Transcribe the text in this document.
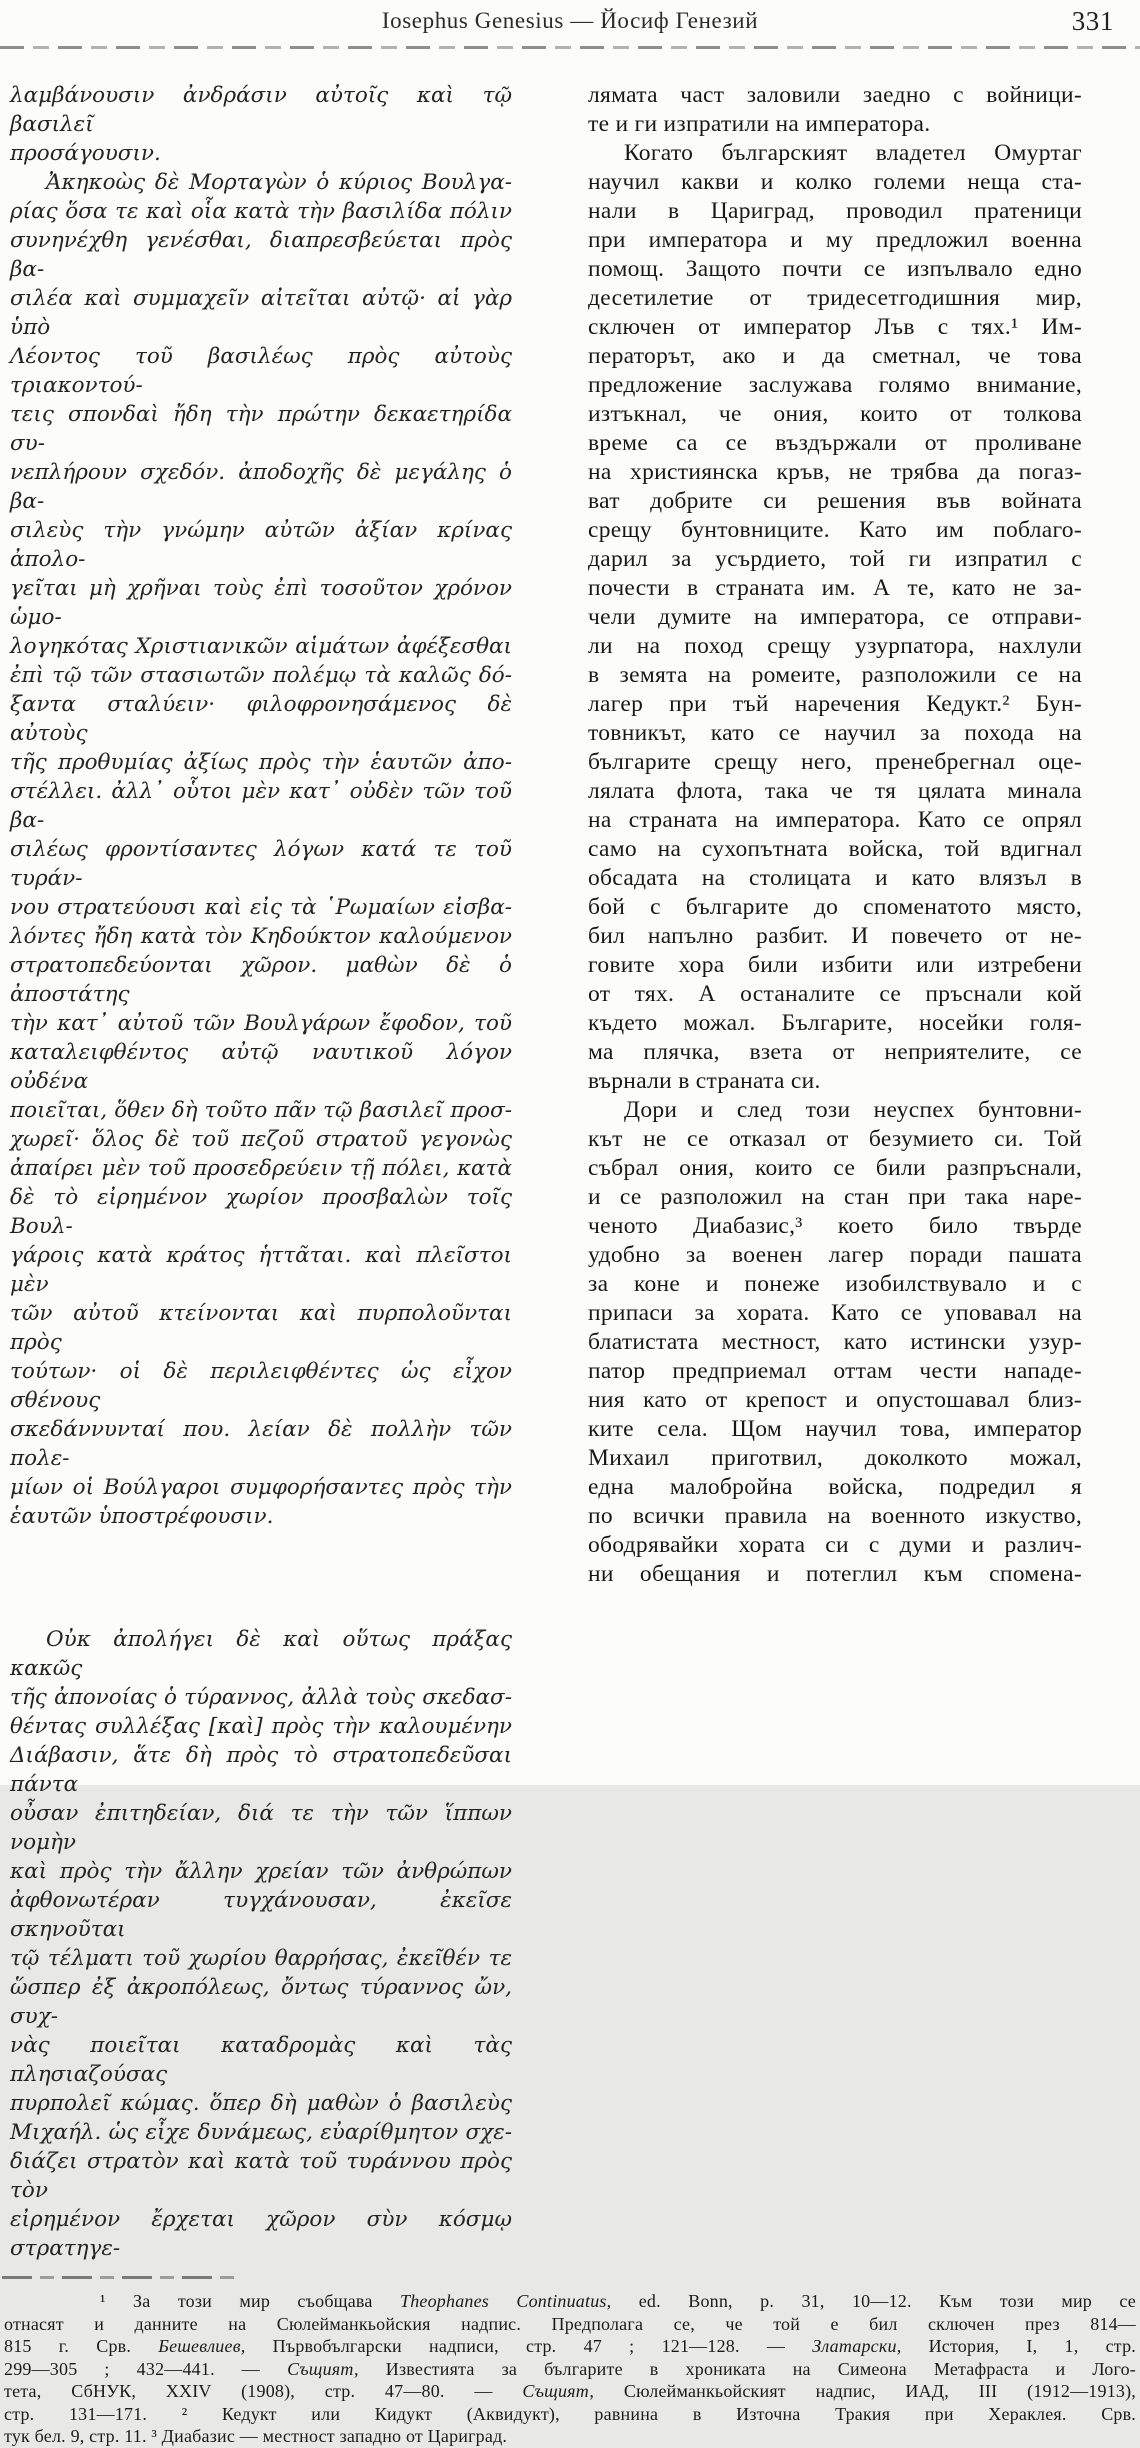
Iosephus Genesius — Йосиф Генезий	331
λαμβάνουσιν ἀνδράσιν αὐτοῖς καὶ τῷ βασιλεῖ
προσάγουσιν.
Ἀκηκοὼς δὲ Μορταγὼν ὁ κύριος Βουλγα-
ρίας ὅσα τε καὶ οἷα κατὰ τὴν βασιλίδα πόλιν
συνηνέχθη γενέσθαι, διαπρεσβεύεται πρὸς βα-
σιλέα καὶ συμμαχεῖν αἰτεῖται αὐτῷ· αἱ γὰρ ὑπὸ
Λέοντος τοῦ βασιλέως πρὸς αὐτοὺς τριακοντού-
τεις σπονδαὶ ἤδη τὴν πρώτην δεκαετηρίδα συ-
νεπλήρουν σχεδόν. ἀποδοχῆς δὲ μεγάλης ὁ βα-
σιλεὺς τὴν γνώμην αὐτῶν ἀξίαν κρίνας ἀπολο-
γεῖται μὴ χρῆναι τοὺς ἐπὶ τοσοῦτον χρόνον ὡμο-
λογηκότας Χριστιανικῶν αἱμάτων ἀφέξεσθαι
ἐπὶ τῷ τῶν στασιωτῶν πολέμῳ τὰ καλῶς δό-
ξαντα σταλύειν· φιλοφρονησάμενος δὲ αὐτοὺς
τῆς προθυμίας ἀξίως πρὸς τὴν ἑαυτῶν ἀπο-
στέλλει. ἀλλ᾽ οὗτοι μὲν κατ᾽ οὐδὲν τῶν τοῦ βα-
σιλέως φροντίσαντες λόγων κατά τε τοῦ τυράν-
νου στρατεύουσι καὶ εἰς τὰ ῾Ρωμαίων εἰσβα-
λόντες ἤδη κατὰ τὸν Κηδούκτον καλούμενον
στρατοπεδεύονται χῶρον. μαθὼν δὲ ὁ ἀποστάτης
τὴν κατ᾽ αὐτοῦ τῶν Βουλγάρων ἔφοδον, τοῦ
καταλειφθέντος αὐτῷ ναυτικοῦ λόγον οὐδένα
ποιεῖται, ὅθεν δὴ τοῦτο πᾶν τῷ βασιλεῖ προσ-
χωρεῖ· ὅλος δὲ τοῦ πεζοῦ στρατοῦ γεγονὼς
ἀπαίρει μὲν τοῦ προσεδρεύειν τῇ πόλει, κατὰ
δὲ τὸ εἰρημένον χωρίον προσβαλὼν τοῖς Βουλ-
γάροις κατὰ κράτος ἡττᾶται. καὶ πλεῖστοι μὲν
τῶν αὐτοῦ κτείνονται καὶ πυρπολοῦνται πρὸς
τούτων· οἱ δὲ περιλειφθέντες ὡς εἶχον σθένους
σκεδάννυνταί που. λείαν δὲ πολλὴν τῶν πολε-
μίων οἱ Βούλγαροι συμφορήσαντες πρὸς τὴν
ἑαυτῶν ὑποστρέφουσιν.
Οὐκ ἀπολήγει δὲ καὶ οὕτως πράξας κακῶς
τῆς ἀπονοίας ὁ τύραννος, ἀλλὰ τοὺς σκεδασ-
θέντας συλλέξας [καὶ] πρὸς τὴν καλουμένην
Διάβασιν, ἅτε δὴ πρὸς τὸ στρατοπεδεῦσαι πάντα
οὖσαν ἐπιτηδείαν, διά τε τὴν τῶν ἵππων νομὴν
καὶ πρὸς τὴν ἄλλην χρείαν τῶν ἀνθρώπων
ἀφθονωτέραν τυγχάνουσαν, ἐκεῖσε σκηνοῦται
τῷ τέλματι τοῦ χωρίου θαρρήσας, ἐκεῖθέν τε
ὥσπερ ἐξ ἀκροπόλεως, ὄντως τύραννος ὤν, συχ-
νὰς ποιεῖται καταδρομὰς καὶ τὰς πλησιαζούσας
πυρπολεῖ κώμας. ὅπερ δὴ μαθὼν ὁ βασιλεὺς
Μιχαήλ. ὡς εἶχε δυνάμεως, εὐαρίθμητον σχε-
διάζει στρατὸν καὶ κατὰ τοῦ τυράννου πρὸς τὸν
εἰρημένον ἔρχεται χῶρον σὺν κόσμῳ στρατηγε-
лямата част заловили заедно с войници-
те и ги изпратили на императора.
Когато българският владетел Омуртаг
научил какви и колко големи неща ста-
нали в Цариград, проводил пратеници
при императора и му предложил военна
помощ. Защото почти се изпълвало едно
десетилетие от тридесетгодишния мир,
сключен от император Лъв с тях.¹ Им-
ператорът, ако и да сметнал, че това
предложение заслужава голямо внимание,
изтъкнал, че ония, които от толкова
време са се въздържали от проливане
на християнска кръв, не трябва да погаз-
ват добрите си решения във войната
срещу бунтовниците. Като им поблаго-
дарил за усърдието, той ги изпратил с
почести в страната им. А те, като не за-
чели думите на императора, се отправи-
ли на поход срещу узурпатора, нахлули
в земята на ромеите, разположили се на
лагер при тъй наречения Кедукт.² Бун-
товникът, като се научил за похода на
българите срещу него, пренебрегнал оце-
лялата флота, така че тя цялата минала
на страната на императора. Като се опрял
само на сухопътната войска, той вдигнал
обсадата на столицата и като влязъл в
бой с българите до споменатото място,
бил напълно разбит. И повечето от не-
говите хора били избити или изтребени
от тях. А останалите се пръснали кой
където можал. Българите, носейки голя-
ма плячка, взета от неприятелите, се
върнали в страната си.
Дори и след този неуспех бунтовни-
кът не се отказал от безумието си. Той
събрал ония, които се били разпръснали,
и се разположил на стан при така наре-
ченото Диабазис,³ което било твърде
удобно за военен лагер поради пашата
за коне и понеже изобилствувало и с
припаси за хората. Като се уповавал на
блатистата местност, като истински узур-
патор предприемал оттам чести нападе-
ния като от крепост и опустошавал близ-
ките села. Щом научил това, император
Михаил приготвил, доколкото можал,
една малобройна войска, подредил я
по всички правила на военното изкуство,
ободрявайки хората си с думи и различ-
ни обещания и потеглил към спомена-
¹ За този мир съобщава Theophanes Continuatus, ed. Bonn, p. 31, 10—12. Към този мир се
отнасят и данните на Сюлейманкьойския надпис. Предполага се, че той е бил сключен през 814—
815 г. Срв. Бешевлиев, Първобългарски надписи, стр. 47 ; 121—128. — Златарски, История, I, 1, стр.
299—305 ; 432—441. — Същият, Известията за българите в хрониката на Симеона Метафраста и Лого-
тета, СбНУК, XXIV (1908), стр. 47—80. — Същият, Сюлейманкьойският надпис, ИАД, III (1912—1913),
стр. 131—171. ² Кедукт или Кидукт (Аквидукт), равнина в Източна Тракия при Хераклея. Срв.
тук бел. 9, стр. 11. ³ Диабазис — местност западно от Цариград.
